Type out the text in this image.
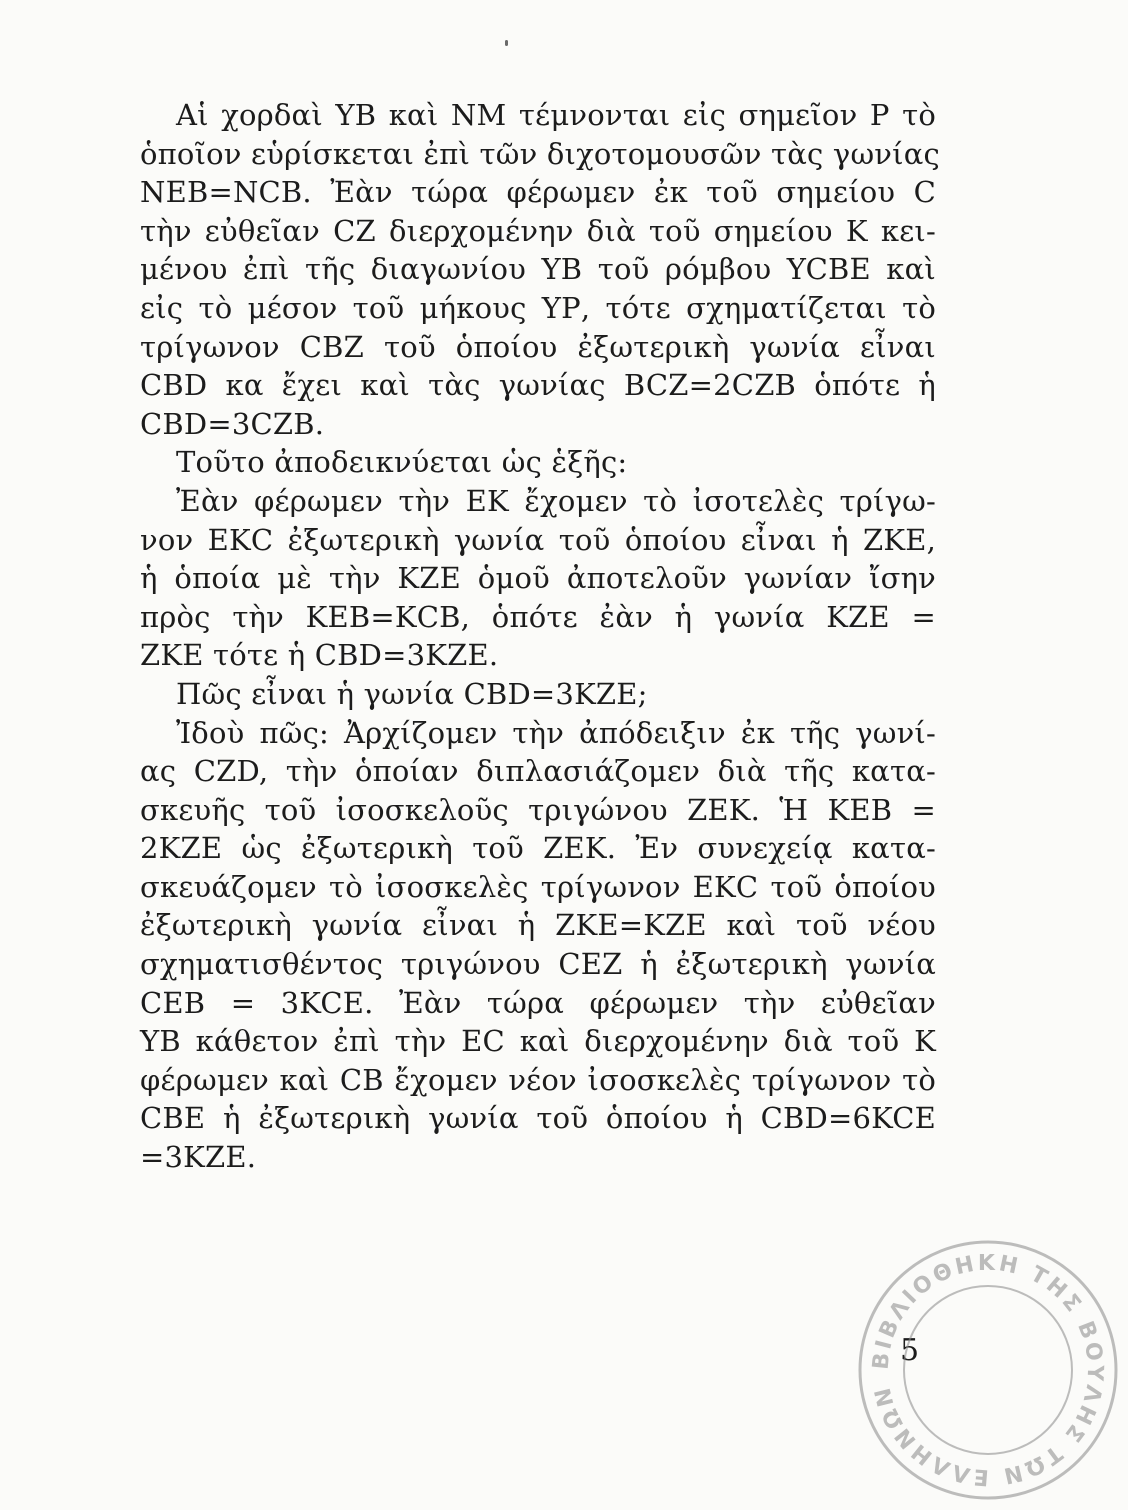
Αἱ χορδαὶ ΥΒ καὶ ΝΜ τέμνονται εἰς σημεῖον Ρ τὸ
ὁποῖον εὑρίσκεται ἐπὶ τῶν διχοτομουσῶν τὰς γωνίας
ΝΕΒ=NCB. Ἐὰν τώρα φέρωμεν ἐκ τοῦ σημείου C
τὴν εὐθεῖαν CZ διερχομένην διὰ τοῦ σημείου Κ κει-
μένου ἐπὶ τῆς διαγωνίου ΥΒ τοῦ ρόμβου YCBE καὶ
εἰς τὸ μέσον τοῦ μήκους ΥΡ, τότε σχηματίζεται τὸ
τρίγωνον CBZ τοῦ ὁποίου ἐξωτερικὴ γωνία εἶναι
CBD κα ἔχει καὶ τὰς γωνίας BCZ=2CZB ὁπότε ἡ
CBD=3CZB.
Τοῦτο ἀποδεικνύεται ὡς ἑξῆς:
Ἐὰν φέρωμεν τὴν ΕΚ ἔχομεν τὸ ἰσοτελὲς τρίγω-
νον ΕΚC ἐξωτερικὴ γωνία τοῦ ὁποίου εἶναι ἡ ΖΚΕ,
ἡ ὁποία μὲ τὴν ΚΖΕ ὁμοῦ ἀποτελοῦν γωνίαν ἴσην
πρὸς τὴν ΚΕΒ=ΚCB, ὁπότε ἐὰν ἡ γωνία ΚΖΕ =
ΖΚΕ τότε ἡ CBD=3ΚΖΕ.
Πῶς εἶναι ἡ γωνία CBD=3ΚΖΕ;
Ἰδοὺ πῶς: Ἀρχίζομεν τὴν ἀπόδειξιν ἐκ τῆς γωνί-
ας CZD, τὴν ὁποίαν διπλασιάζομεν διὰ τῆς κατα-
σκευῆς τοῦ ἰσοσκελοῦς τριγώνου ΖΕΚ. Ἡ ΚΕΒ =
2ΚΖΕ ὡς ἐξωτερικὴ τοῦ ΖΕΚ. Ἐν συνεχείᾳ κατα-
σκευάζομεν τὸ ἰσοσκελὲς τρίγωνον ΕΚC τοῦ ὁποίου
ἐξωτερικὴ γωνία εἶναι ἡ ΖΚΕ=ΚΖΕ καὶ τοῦ νέου
σχηματισθέντος τριγώνου CEZ ἡ ἐξωτερικὴ γωνία
CEB = 3KCE. Ἐὰν τώρα φέρωμεν τὴν εὐθεῖαν
ΥΒ κάθετον ἐπὶ τὴν EC καὶ διερχομένην διὰ τοῦ Κ
φέρωμεν καὶ CB ἔχομεν νέον ἰσοσκελὲς τρίγωνον τὸ
CBE ἡ ἐξωτερικὴ γωνία τοῦ ὁποίου ἡ CBD=6KCE
=3ΚΖΕ.
5
ΒΙΒΛΙΟΘΗΚΗ ΤΗΣ ΒΟΥΛΗΣ ΤΩΝ ΕΛΛΗΝΩΝ
